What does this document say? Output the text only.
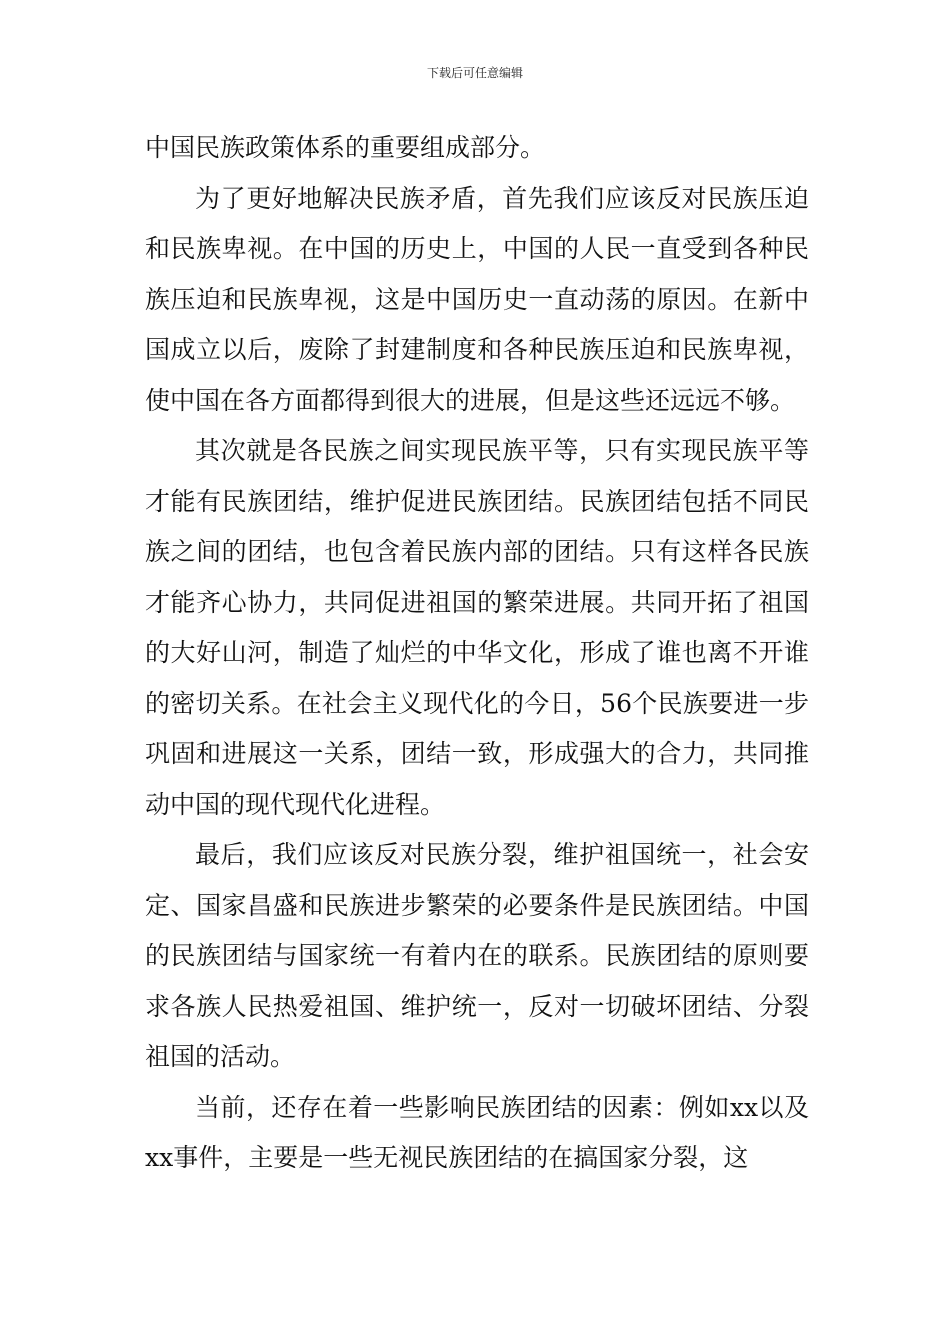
下载后可任意编辑

中国民族政策体系的重要组成部分。

为了更好地解决民族矛盾，首先我们应该反对民族压迫和民族卑视。在中国的历史上，中国的人民一直受到各种民族压迫和民族卑视，这是中国历史一直动荡的原因。在新中国成立以后，废除了封建制度和各种民族压迫和民族卑视，使中国在各方面都得到很大的进展，但是这些还远远不够。

其次就是各民族之间实现民族平等，只有实现民族平等才能有民族团结，维护促进民族团结。民族团结包括不同民族之间的团结，也包含着民族内部的团结。只有这样各民族才能齐心协力，共同促进祖国的繁荣进展。共同开拓了祖国的大好山河，制造了灿烂的中华文化，形成了谁也离不开谁的密切关系。在社会主义现代化的今日，56个民族要进一步巩固和进展这一关系，团结一致，形成强大的合力，共同推动中国的现代现代化进程。

最后，我们应该反对民族分裂，维护祖国统一，社会安定、国家昌盛和民族进步繁荣的必要条件是民族团结。中国的民族团结与国家统一有着内在的联系。民族团结的原则要求各族人民热爱祖国、维护统一，反对一切破坏团结、分裂祖国的活动。

当前，还存在着一些影响民族团结的因素：例如xx以及xx事件，主要是一些无视民族团结的在搞国家分裂，这
